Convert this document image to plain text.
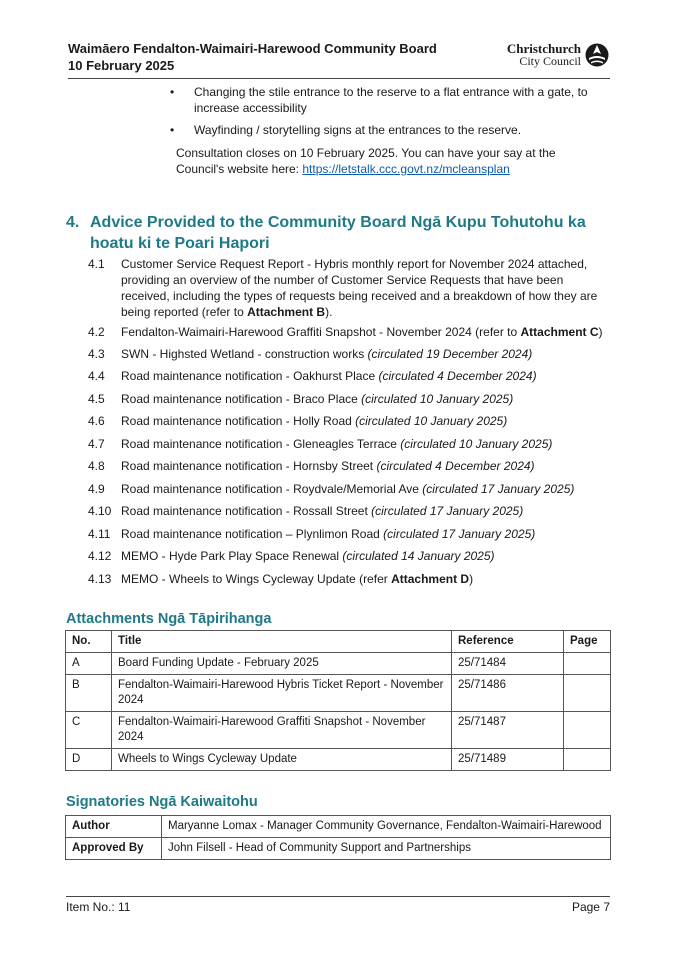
Waimāero Fendalton-Waimairi-Harewood Community Board
10 February 2025
Christchurch
City Council
•	Changing the stile entrance to the reserve to a flat entrance with a gate, to increase accessibility
•	Wayfinding / storytelling signs at the entrances to the reserve.
Consultation closes on 10 February 2025. You can have your say at the Council's website here: https://letstalk.ccc.govt.nz/mcleansplan
4. Advice Provided to the Community Board Ngā Kupu Tohutohu ka hoatu ki te Poari Hapori
4.1 Customer Service Request Report - Hybris monthly report for November 2024 attached, providing an overview of the number of Customer Service Requests that have been received, including the types of requests being received and a breakdown of how they are being reported (refer to Attachment B).
4.2 Fendalton-Waimairi-Harewood Graffiti Snapshot - November 2024 (refer to Attachment C)
4.3 SWN - Highsted Wetland - construction works (circulated 19 December 2024)
4.4 Road maintenance notification - Oakhurst Place (circulated 4 December 2024)
4.5 Road maintenance notification - Braco Place (circulated 10 January 2025)
4.6 Road maintenance notification - Holly Road (circulated 10 January 2025)
4.7 Road maintenance notification - Gleneagles Terrace (circulated 10 January 2025)
4.8 Road maintenance notification - Hornsby Street (circulated 4 December 2024)
4.9 Road maintenance notification - Roydvale/Memorial Ave (circulated 17 January 2025)
4.10 Road maintenance notification - Rossall Street (circulated 17 January 2025)
4.11 Road maintenance notification – Plynlimon Road (circulated 17 January 2025)
4.12 MEMO - Hyde Park Play Space Renewal (circulated 14 January 2025)
4.13 MEMO - Wheels to Wings Cycleway Update (refer Attachment D)
Attachments Ngā Tāpirihanga
No.	Title	Reference	Page
A	Board Funding Update - February 2025	25/71484	
B	Fendalton-Waimairi-Harewood Hybris Ticket Report - November 2024	25/71486	
C	Fendalton-Waimairi-Harewood Graffiti Snapshot - November 2024	25/71487	
D	Wheels to Wings Cycleway Update	25/71489	
Signatories Ngā Kaiwaitohu
Author	Maryanne Lomax - Manager Community Governance, Fendalton-Waimairi-Harewood
Approved By	John Filsell - Head of Community Support and Partnerships
Item No.: 11	Page 7
